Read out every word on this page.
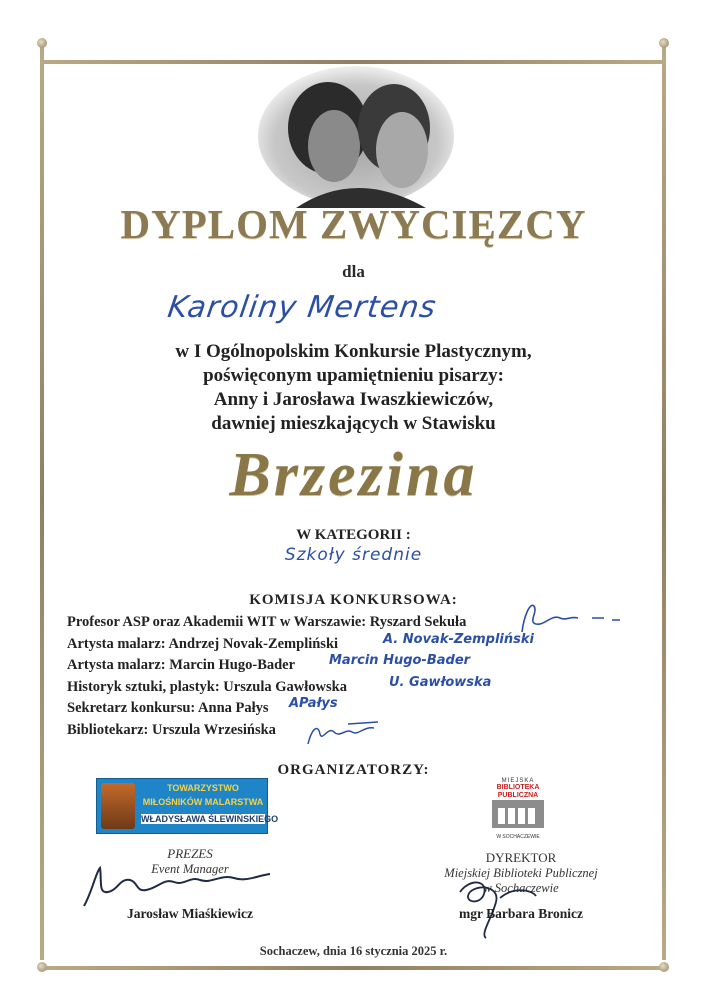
DYPLOM ZWYCIĘZCY
dla
Karoliny Mertens
w I Ogólnopolskim Konkursie Plastycznym,
poświęconym upamiętnieniu pisarzy:
Anny i Jarosława Iwaszkiewiczów,
dawniej mieszkających w Stawisku
Brzezina
W KATEGORII :
Szkoły średnie
KOMISJA KONKURSOWA:
Profesor ASP oraz Akademii WIT w Warszawie: Ryszard Sekuła
Artysta malarz: Andrzej Novak-Zempliński	A. Novak-Zempliński
Artysta malarz: Marcin Hugo-Bader	Marcin Hugo-Bader
Historyk sztuki, plastyk: Urszula Gawłowska	U. Gawłowska
Sekretarz konkursu: Anna Pałys APałys
Bibliotekarz: Urszula Wrzesińska
ORGANIZATORZY:
TOWARZYSTWO
MIŁOŚNIKÓW MALARSTWA
WŁADYSŁAWA ŚLEWIŃSKIEGO
MIEJSKA
BIBLIOTEKA
PUBLICZNA
W SOCHACZEWIE
PREZES
Event Manager
Jarosław Miaśkiewicz
DYREKTOR
Miejskiej Biblioteki Publicznej
w Sochaczewie
mgr Barbara Bronicz
Sochaczew, dnia 16 stycznia 2025 r.
